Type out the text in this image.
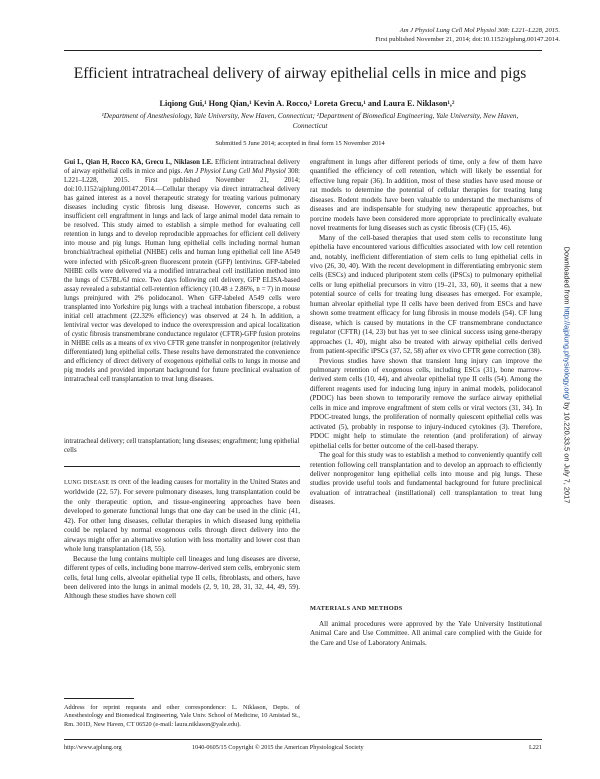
Am J Physiol Lung Cell Mol Physiol 308: L221–L228, 2015.
First published November 21, 2014; doi:10.1152/ajplung.00147.2014.
Efficient intratracheal delivery of airway epithelial cells in mice and pigs
Liqiong Gui,¹ Hong Qian,¹ Kevin A. Rocco,¹ Loreta Grecu,¹ and Laura E. Niklason¹,²
¹Department of Anesthesiology, Yale University, New Haven, Connecticut; ²Department of Biomedical Engineering, Yale University, New Haven, Connecticut
Submitted 5 June 2014; accepted in final form 15 November 2014

Gui L, Qian H, Rocco KA, Grecu L, Niklason LE. Efficient intratracheal delivery of airway epithelial cells in mice and pigs. Am J Physiol Lung Cell Mol Physiol 308: L221–L228, 2015. First published November 21, 2014; doi:10.1152/ajplung.00147.2014.—Cellular therapy via direct intratracheal delivery has gained interest as a novel therapeutic strategy for treating various pulmonary diseases including cystic fibrosis lung disease. However, concerns such as insufficient cell engraftment in lungs and lack of large animal model data remain to be resolved. This study aimed to establish a simple method for evaluating cell retention in lungs and to develop reproducible approaches for efficient cell delivery into mouse and pig lungs. Human lung epithelial cells including normal human bronchial/tracheal epithelial (NHBE) cells and human lung epithelial cell line A549 were infected with pSicoR-green fluorescent protein (GFP) lentivirus. GFP-labeled NHBE cells were delivered via a modified intratracheal cell instillation method into the lungs of C57BL/6J mice. Two days following cell delivery, GFP ELISA-based assay revealed a substantial cell-retention efficiency (10.48 ± 2.86%, n = 7) in mouse lungs preinjured with 2% polidocanol. When GFP-labeled A549 cells were transplanted into Yorkshire pig lungs with a tracheal intubation fiberscope, a robust initial cell attachment (22.32% efficiency) was observed at 24 h. In addition, a lentiviral vector was developed to induce the overexpression and apical localization of cystic fibrosis transmembrane conductance regulator (CFTR)-GFP fusion proteins in NHBE cells as a means of ex vivo CFTR gene transfer in nonprogenitor (relatively differentiated) lung epithelial cells. These results have demonstrated the convenience and efficiency of direct delivery of exogenous epithelial cells to lungs in mouse and pig models and provided important background for future preclinical evaluation of intratracheal cell transplantation to treat lung diseases.

intratracheal delivery; cell transplantation; lung diseases; engraftment; lung epithelial cells

LUNG DISEASE IS ONE of the leading causes for mortality in the United States and worldwide (22, 57). For severe pulmonary diseases, lung transplantation could be the only therapeutic option, and tissue-engineering approaches have been developed to generate functional lungs that one day can be used in the clinic (41, 42). For other lung diseases, cellular therapies in which diseased lung epithelia could be replaced by normal exogenous cells through direct delivery into the airways might offer an alternative solution with less mortality and lower cost than whole lung transplantation (18, 55).

Because the lung contains multiple cell lineages and lung diseases are diverse, different types of cells, including bone marrow-derived stem cells, embryonic stem cells, fetal lung cells, alveolar epithelial type II cells, fibroblasts, and others, have been delivered into the lungs in animal models (2, 9, 10, 28, 31, 32, 44, 49, 59). Although these studies have shown cell

engraftment in lungs after different periods of time, only a few of them have quantified the efficiency of cell retention, which will likely be essential for effective lung repair (36). In addition, most of these studies have used mouse or rat models to determine the potential of cellular therapies for treating lung diseases. Rodent models have been valuable to understand the mechanisms of diseases and are indispensable for studying new therapeutic approaches, but porcine models have been considered more appropriate to preclinically evaluate novel treatments for lung diseases such as cystic fibrosis (CF) (15, 46).

Many of the cell-based therapies that used stem cells to reconstitute lung epithelia have encountered various difficulties associated with low cell retention and, notably, inefficient differentiation of stem cells to lung epithelial cells in vivo (26, 30, 40). With the recent development in differentiating embryonic stem cells (ESCs) and induced pluripotent stem cells (iPSCs) to pulmonary epithelial cells or lung epithelial precursors in vitro (19–21, 33, 60), it seems that a new potential source of cells for treating lung diseases has emerged. For example, human alveolar epithelial type II cells have been derived from ESCs and have shown some treatment efficacy for lung fibrosis in mouse models (54). CF lung disease, which is caused by mutations in the CF transmembrane conductance regulator (CFTR) (14, 23) but has yet to see clinical success using gene-therapy approaches (1, 40), might also be treated with airway epithelial cells derived from patient-specific iPSCs (37, 52, 58) after ex vivo CFTR gene correction (38).

Previous studies have shown that transient lung injury can improve the pulmonary retention of exogenous cells, including ESCs (31), bone marrow-derived stem cells (10, 44), and alveolar epithelial type II cells (54). Among the different reagents used for inducing lung injury in animal models, polidocanol (PDOC) has been shown to temporarily remove the surface airway epithelial cells in mice and improve engraftment of stem cells or viral vectors (31, 34). In PDOC-treated lungs, the proliferation of normally quiescent epithelial cells was activated (5), probably in response to injury-induced cytokines (3). Therefore, PDOC might help to stimulate the retention (and proliferation) of airway epithelial cells for better outcome of the cell-based therapy.

The goal for this study was to establish a method to conveniently quantify cell retention following cell transplantation and to develop an approach to efficiently deliver nonprogenitor lung epithelial cells into mouse and pig lungs. These studies provide useful tools and fundamental background for future preclinical evaluation of intratracheal (instillational) cell transplantation to treat lung diseases.

MATERIALS AND METHODS

All animal procedures were approved by the Yale University Institutional Animal Care and Use Committee. All animal care complied with the Guide for the Care and Use of Laboratory Animals.

Address for reprint requests and other correspondence: L. Niklason, Depts. of Anesthesiology and Biomedical Engineering, Yale Univ. School of Medicine, 10 Amistad St., Rm. 301D, New Haven, CT 06520 (e-mail: laura.niklason@yale.edu).
http://www.ajplung.org	1040-0605/15 Copyright © 2015 the American Physiological Society	L221
Downloaded from http://ajplung.physiology.org/ by 10.220.33.5 on July 7, 2017
